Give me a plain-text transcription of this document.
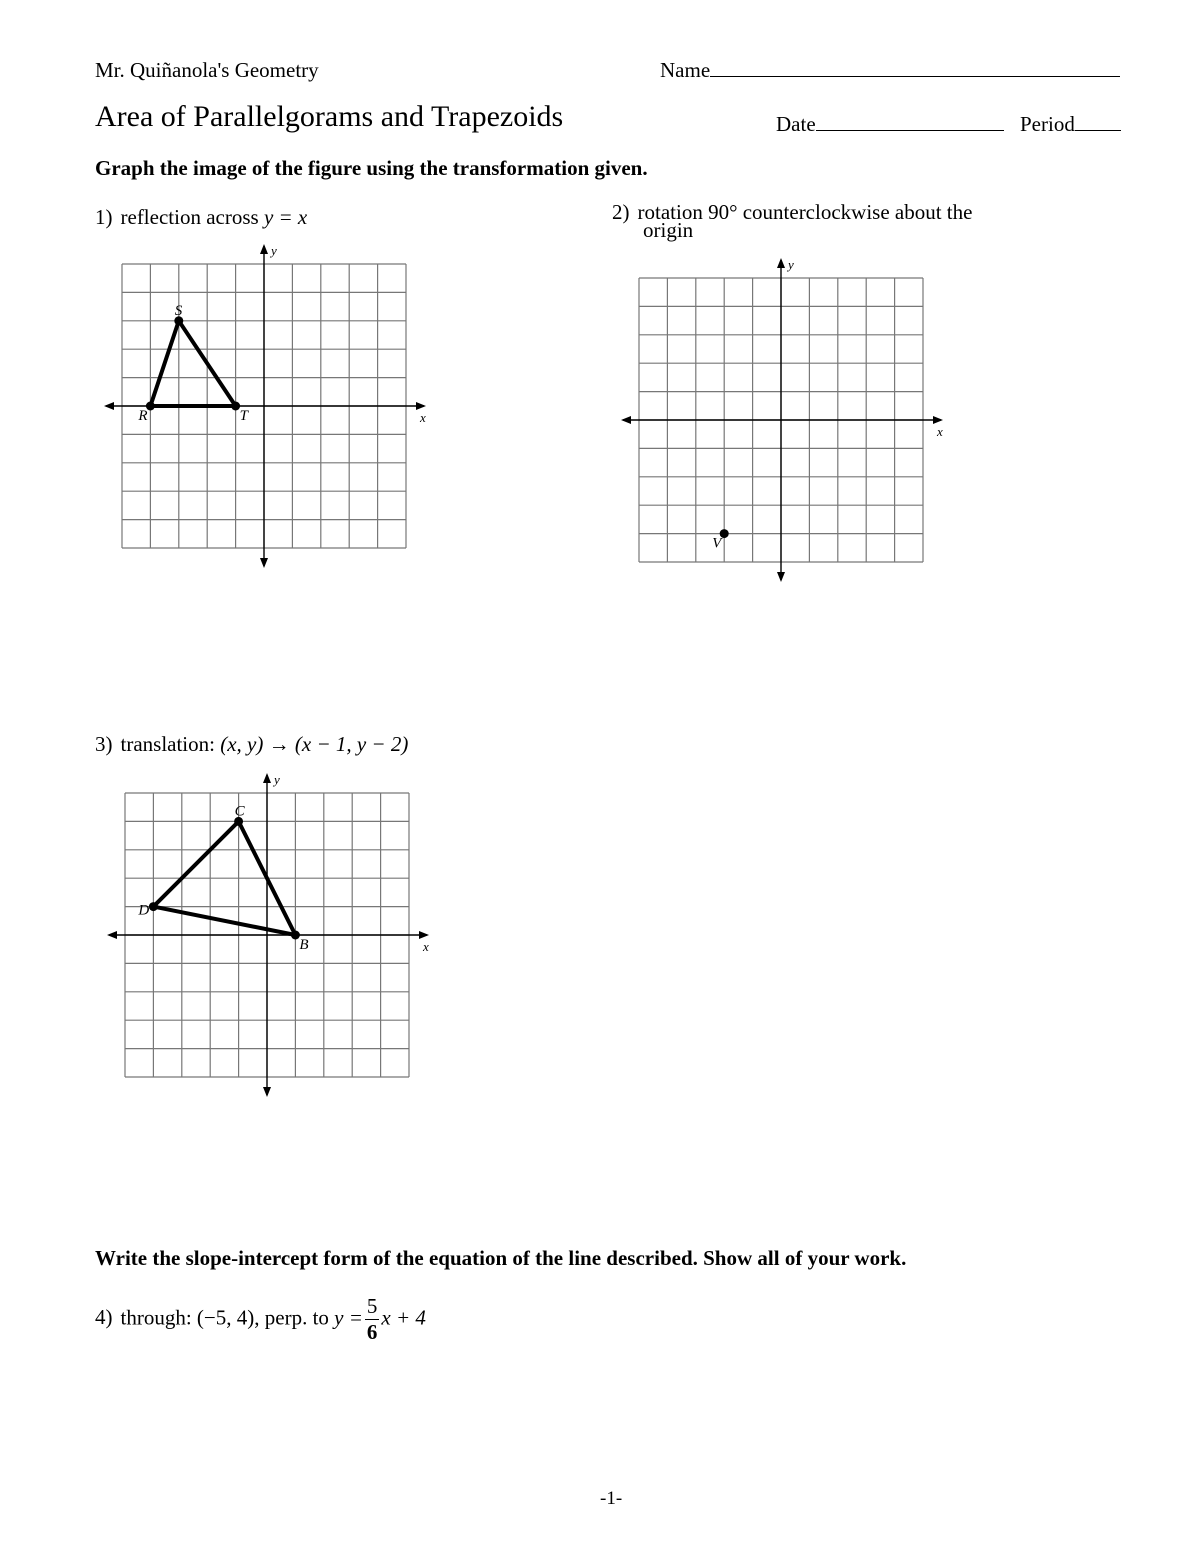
Mr. Quiñanola's Geometry	Name
Area of Parallelgorams and Trapezoids	Date	Period
Graph the image of the figure using the transformation given.
1) reflection across y = x	2) rotation 90° counterclockwise about the
origin
3) translation: (x, y) → (x − 1, y − 2)
x
y
R
S
T
x
y
V
x
y
C
B
D
Write the slope-intercept form of the equation of the line described. Show all of your work.
4) through: (−5, 4), perp. to $y = \frac{5}{6}$ x + 4
-1-
